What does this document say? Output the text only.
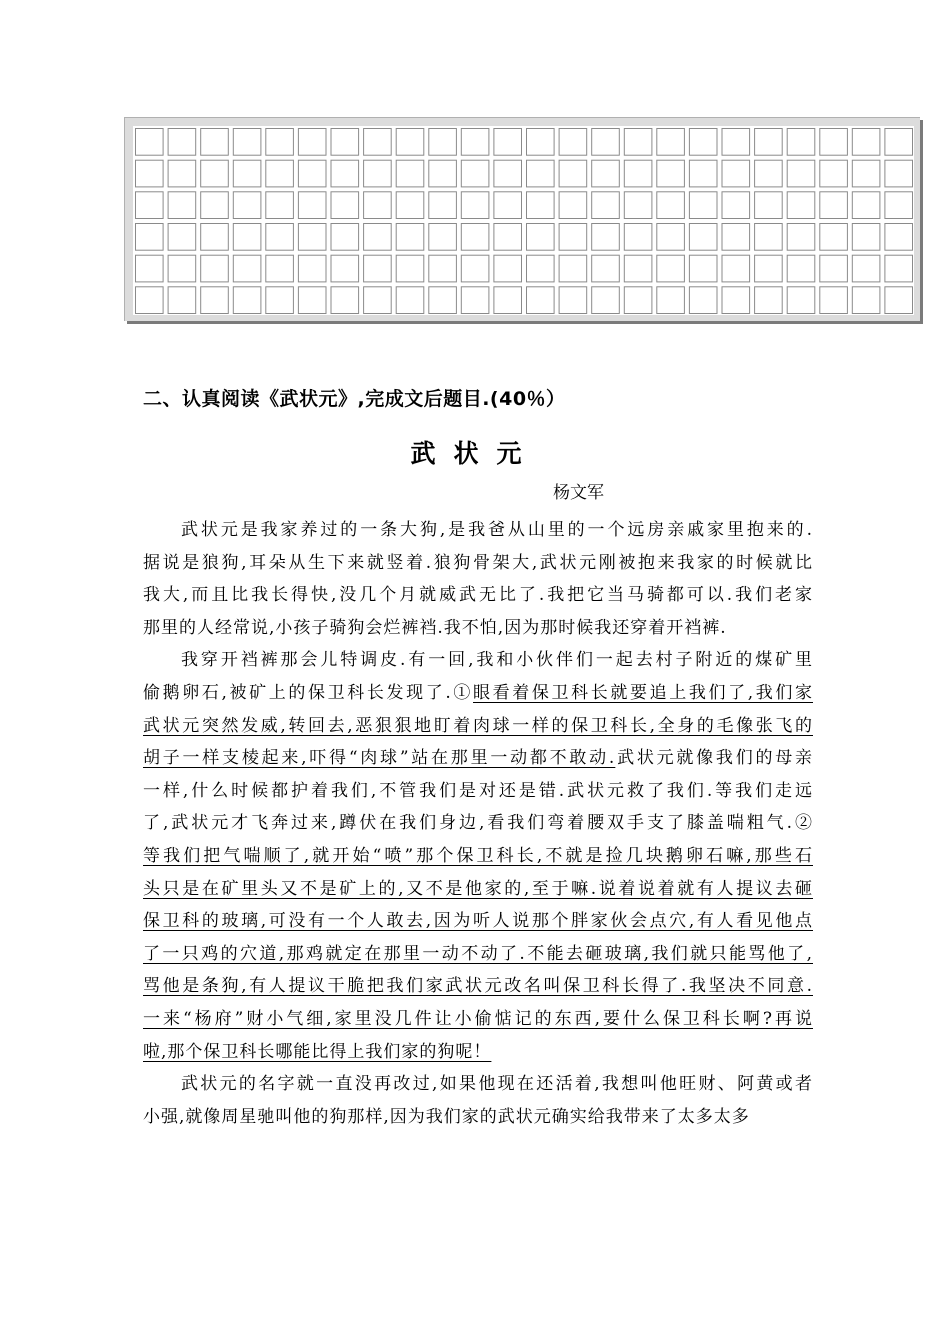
二、认真阅读《武状元》,完成文后题目.(40％）
武状元
杨文军
武状元是我家养过的一条大狗,是我爸从山里的一个远房亲戚家里抱来的.
据说是狼狗,耳朵从生下来就竖着.狼狗骨架大,武状元刚被抱来我家的时候就比
我大,而且比我长得快,没几个月就威武无比了.我把它当马骑都可以.我们老家
那里的人经常说,小孩子骑狗会烂裤裆.我不怕,因为那时候我还穿着开裆裤.
我穿开裆裤那会儿特调皮.有一回,我和小伙伴们一起去村子附近的煤矿里
偷鹅卵石,被矿上的保卫科长发现了.①眼看着保卫科长就要追上我们了,我们家
武状元突然发威,转回去,恶狠狠地盯着肉球一样的保卫科长,全身的毛像张飞的
胡子一样支棱起来,吓得“肉球”站在那里一动都不敢动.武状元就像我们的母亲
一样,什么时候都护着我们,不管我们是对还是错.武状元救了我们.等我们走远
了,武状元才飞奔过来,蹲伏在我们身边,看我们弯着腰双手支了膝盖喘粗气.②
等我们把气喘顺了,就开始“喷”那个保卫科长,不就是捡几块鹅卵石嘛,那些石
头只是在矿里头又不是矿上的,又不是他家的,至于嘛.说着说着就有人提议去砸
保卫科的玻璃,可没有一个人敢去,因为听人说那个胖家伙会点穴,有人看见他点
了一只鸡的穴道,那鸡就定在那里一动不动了.不能去砸玻璃,我们就只能骂他了,
骂他是条狗,有人提议干脆把我们家武状元改名叫保卫科长得了.我坚决不同意.
一来“杨府”财小气细,家里没几件让小偷惦记的东西,要什么保卫科长啊?再说
啦,那个保卫科长哪能比得上我们家的狗呢！
武状元的名字就一直没再改过,如果他现在还活着,我想叫他旺财、阿黄或者
小强,就像周星驰叫他的狗那样,因为我们家的武状元确实给我带来了太多太多
